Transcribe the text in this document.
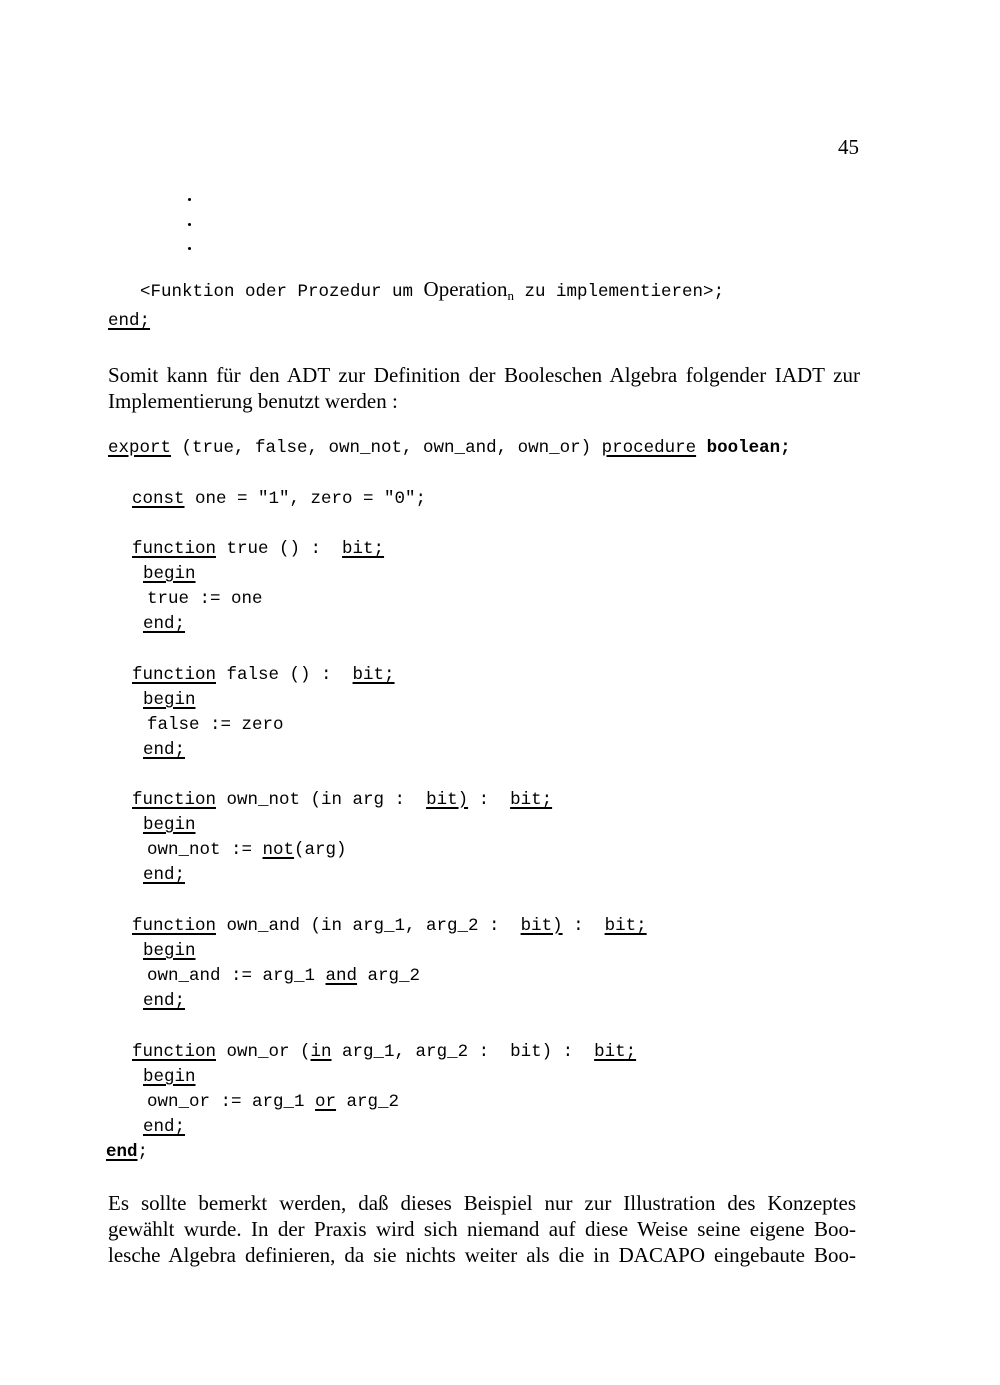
45

<Funktion oder Prozedur um Operation$_n$ zu implementieren>;

end;
Somit kann für den ADT zur Definition der Booleschen Algebra folgender IADT zur
Implementierung benutzt werden :
export (true, false, own_not, own_and, own_or) procedure boolean;
const one = "1", zero = "0";
function true () :  bit;
begin
true := one
end;
function false () :  bit;
begin
false := zero
end;
function own_not (in arg :  bit) :  bit;
begin
own_not := not(arg)
end;
function own_and (in arg_1, arg_2 :  bit) :  bit;
begin
own_and := arg_1 and arg_2
end;
function own_or (in arg_1, arg_2 :  bit) :  bit;
begin
own_or := arg_1 or arg_2
end;
end;
Es sollte bemerkt werden, daß dieses Beispiel nur zur Illustration des Konzeptes
gewählt wurde. In der Praxis wird sich niemand auf diese Weise seine eigene Boo-
lesche Algebra definieren, da sie nichts weiter als die in DACAPO eingebaute Boo-
